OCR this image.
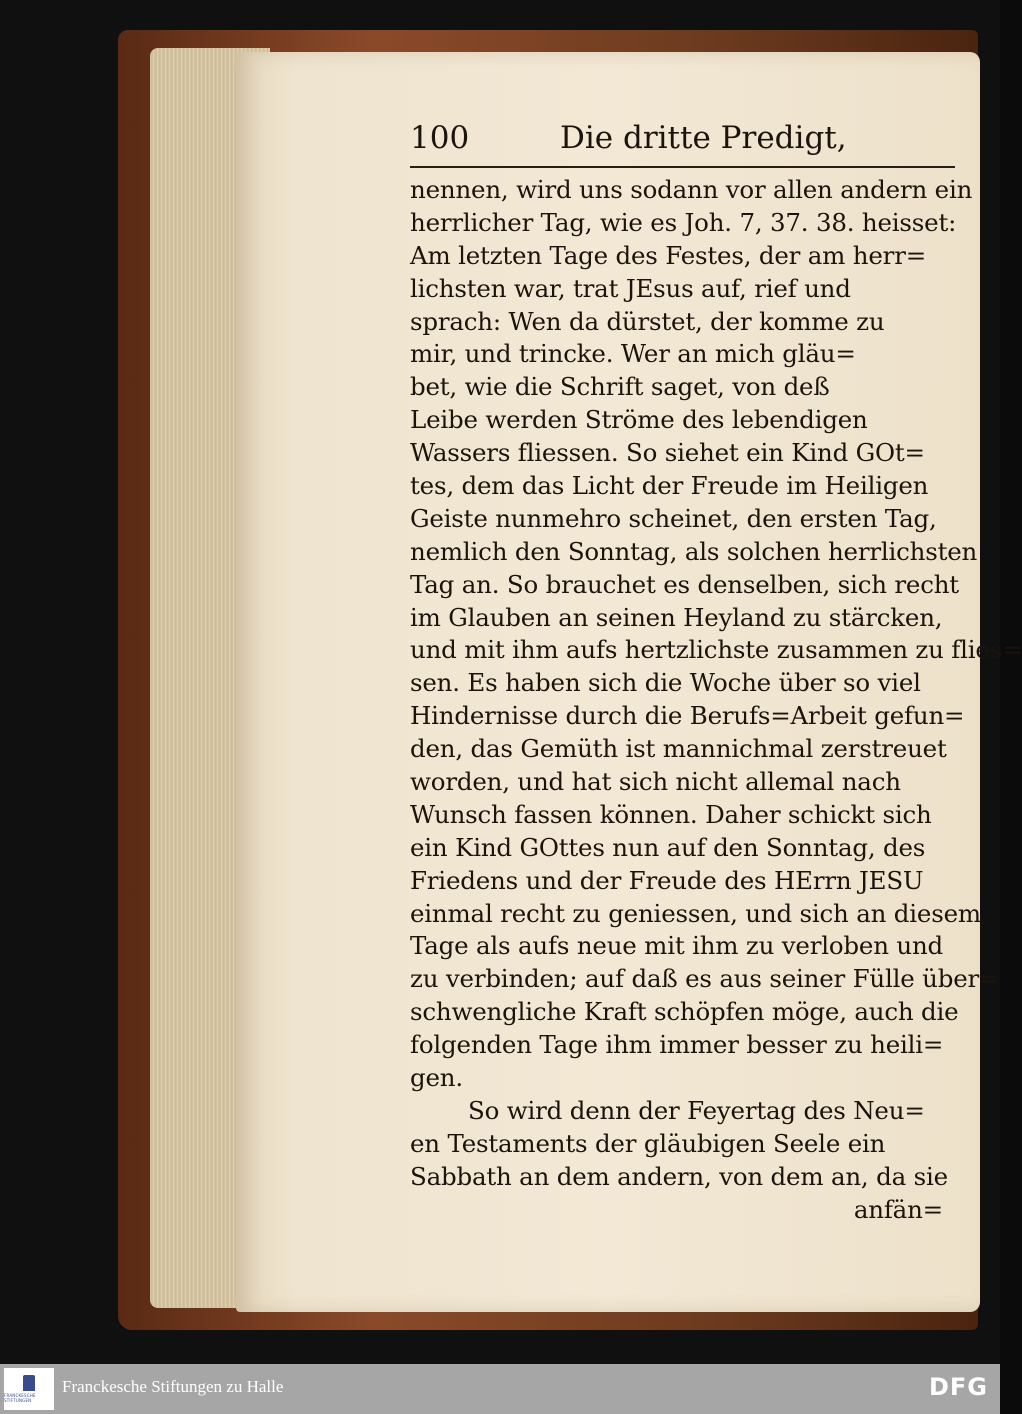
100	Die dritte Predigt,
nennen, wird uns sodann vor allen andern ein
herrlicher Tag, wie es Joh. 7, 37. 38. heisset:
Am letzten Tage des Festes, der am herr=
lichsten war, trat JEsus auf, rief und
sprach: Wen da dürstet, der komme zu
mir, und trincke. Wer an mich gläu=
bet, wie die Schrift saget, von deß
Leibe werden Ströme des lebendigen
Wassers fliessen. So siehet ein Kind GOt=
tes, dem das Licht der Freude im Heiligen
Geiste nunmehro scheinet, den ersten Tag,
nemlich den Sonntag, als solchen herrlichsten
Tag an. So brauchet es denselben, sich recht
im Glauben an seinen Heyland zu stärcken,
und mit ihm aufs hertzlichste zusammen zu flies=
sen. Es haben sich die Woche über so viel
Hindernisse durch die Berufs=Arbeit gefun=
den, das Gemüth ist mannichmal zerstreuet
worden, und hat sich nicht allemal nach
Wunsch fassen können. Daher schickt sich
ein Kind GOttes nun auf den Sonntag, des
Friedens und der Freude des HErrn JESU
einmal recht zu geniessen, und sich an diesem
Tage als aufs neue mit ihm zu verloben und
zu verbinden; auf daß es aus seiner Fülle über=
schwengliche Kraft schöpfen möge, auch die
folgenden Tage ihm immer besser zu heili=
gen.
So wird denn der Feyertag des Neu=
en Testaments der gläubigen Seele ein
Sabbath an dem andern, von dem an, da sie
anfän=
FRANCKESCHE STIFTUNGEN
Franckesche Stiftungen zu Halle	DFG
